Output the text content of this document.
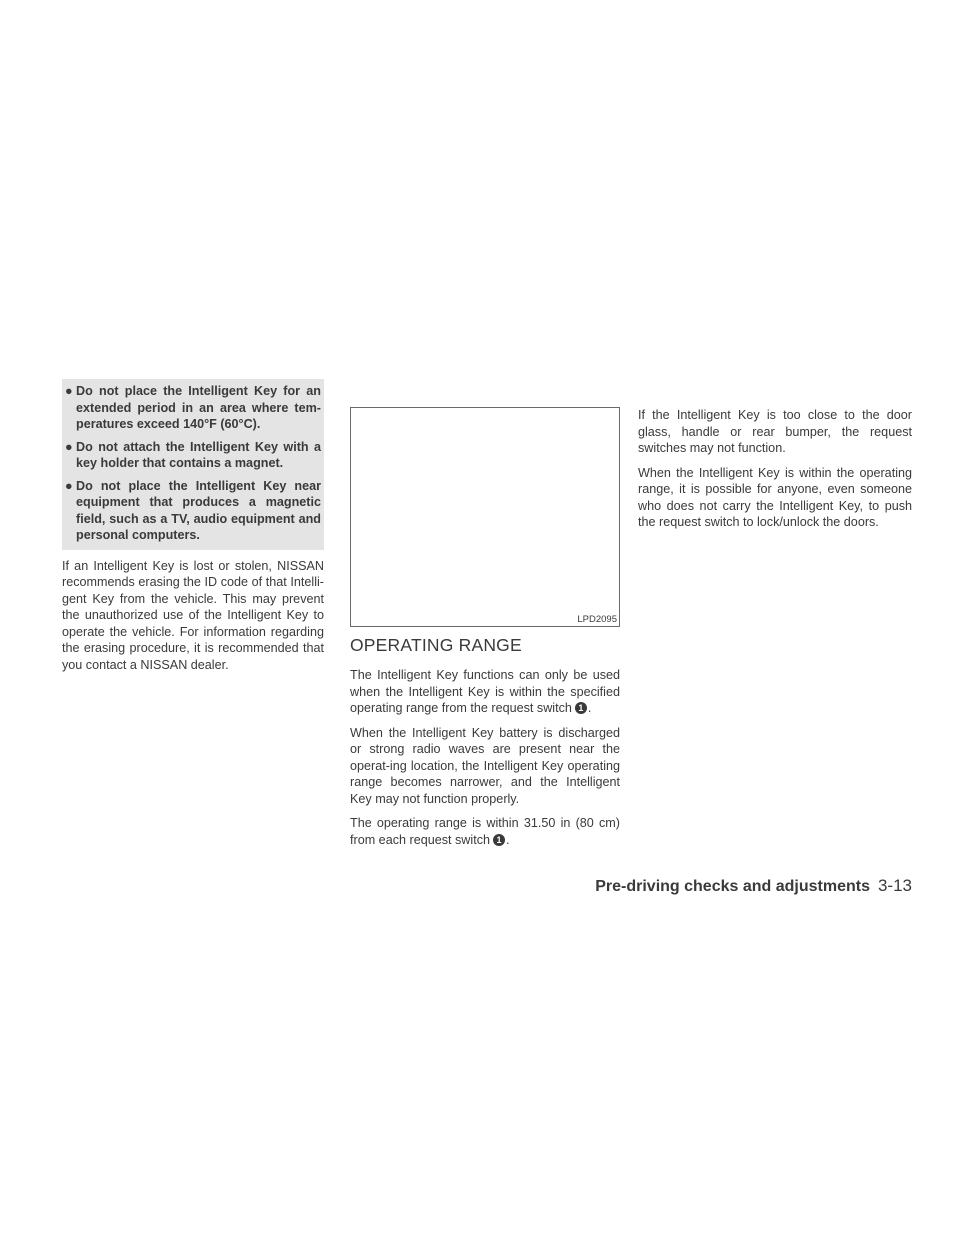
● Do not place the Intelligent Key for an extended period in an area where tem-peratures exceed 140°F (60°C).
● Do not attach the Intelligent Key with a key holder that contains a magnet.
● Do not place the Intelligent Key near equipment that produces a magnetic field, such as a TV, audio equipment and personal computers.

If an Intelligent Key is lost or stolen, NISSAN recommends erasing the ID code of that Intelli-gent Key from the vehicle. This may prevent the unauthorized use of the Intelligent Key to operate the vehicle. For information regarding the erasing procedure, it is recommended that you contact a NISSAN dealer.

LPD2095
OPERATING RANGE

The Intelligent Key functions can only be used when the Intelligent Key is within the specified operating range from the request switch 1 .

When the Intelligent Key battery is discharged or strong radio waves are present near the operat-ing location, the Intelligent Key operating range becomes narrower, and the Intelligent Key may not function properly.

The operating range is within 31.50 in (80 cm) from each request switch 1 .

If the Intelligent Key is too close to the door glass, handle or rear bumper, the request switches may not function.

When the Intelligent Key is within the operating range, it is possible for anyone, even someone who does not carry the Intelligent Key, to push the request switch to lock/unlock the doors.

Pre-driving checks and adjustments 3-13
